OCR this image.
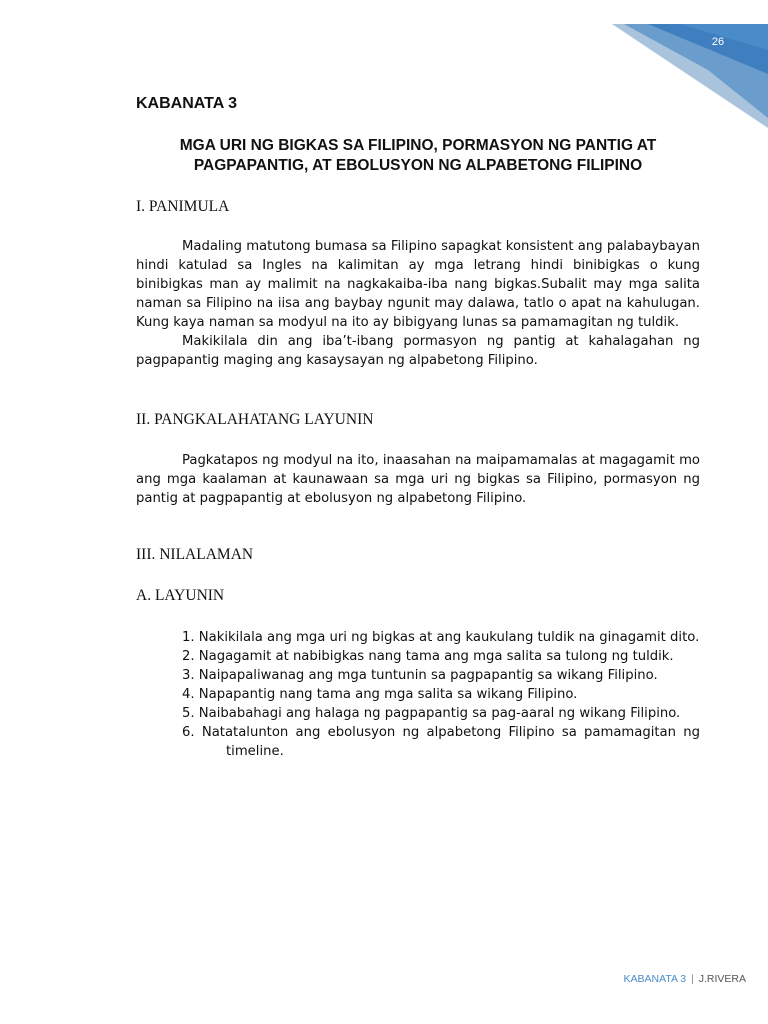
26
KABANATA 3
MGA URI NG BIGKAS SA FILIPINO, PORMASYON NG PANTIG AT
PAGPAPANTIG, AT EBOLUSYON NG ALPABETONG FILIPINO
I. PANIMULA

Madaling matutong bumasa sa Filipino sapagkat konsistent ang palabaybayan hindi katulad sa Ingles na kalimitan ay mga letrang hindi binibigkas o kung binibigkas man ay malimit na nagkakaiba-iba nang bigkas.Subalit may mga salita naman sa Filipino na iisa ang baybay ngunit may dalawa, tatlo o apat na kahulugan. Kung kaya naman sa modyul na ito ay bibigyang lunas sa pamamagitan ng tuldik.

Makikilala din ang iba’t-ibang pormasyon ng pantig at kahalagahan ng pagpapantig maging ang kasaysayan ng alpabetong Filipino.

II. PANGKALAHATANG LAYUNIN

Pagkatapos ng modyul na ito, inaasahan na maipamamalas at magagamit mo ang mga kaalaman at kaunawaan sa mga uri ng bigkas sa Filipino, pormasyon ng pantig at pagpapantig at ebolusyon ng alpabetong Filipino.

III. NILALAMAN
A. LAYUNIN
1. Nakikilala ang mga uri ng bigkas at ang kaukulang tuldik na ginagamit dito.
2. Nagagamit at nabibigkas nang tama ang mga salita sa tulong ng tuldik.
3. Naipapaliwanag ang mga tuntunin sa pagpapantig sa wikang Filipino.
4. Napapantig nang tama ang mga salita sa wikang Filipino.
5. Naibabahagi ang halaga ng pagpapantig sa pag-aaral ng wikang Filipino.
6. Natatalunton ang ebolusyon ng alpabetong Filipino sa pamamagitan ng timeline.
KABANATA 3 | J.RIVERA
